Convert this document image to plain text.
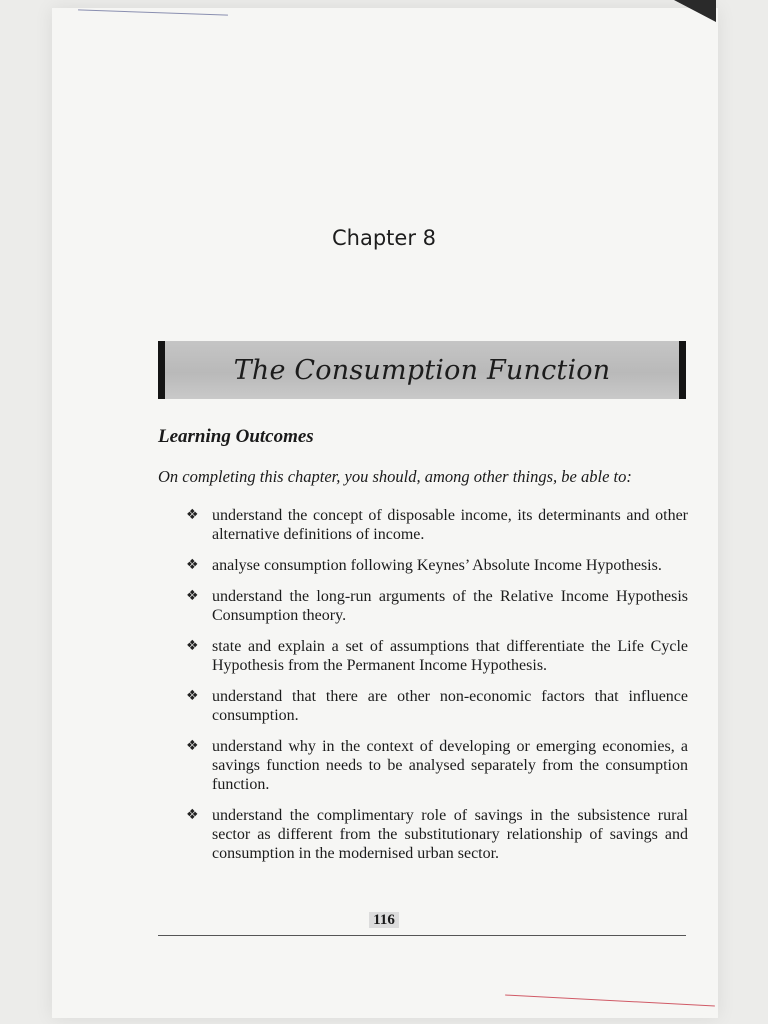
Chapter 8
The Consumption Function
Learning Outcomes
On completing this chapter, you should, among other things, be able to:
❖ understand the concept of disposable income, its determinants and other alternative definitions of income.
❖ analyse consumption following Keynes’ Absolute Income Hypothesis.
❖ understand the long-run arguments of the Relative Income Hypothesis Consumption theory.
❖ state and explain a set of assumptions that differentiate the Life Cycle Hypothesis from the Permanent Income Hypothesis.
❖ understand that there are other non-economic factors that influence consumption.
❖ understand why in the context of developing or emerging economies, a savings function needs to be analysed separately from the consumption function.
❖ understand the complimentary role of savings in the subsistence rural sector as different from the substitutionary relationship of savings and consumption in the modernised urban sector.
116
